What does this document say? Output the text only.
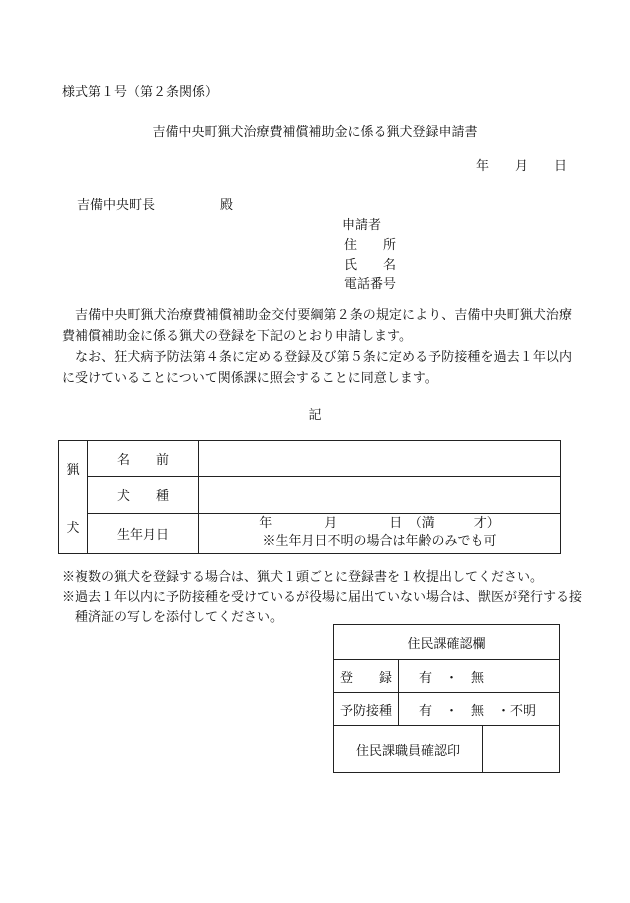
様式第１号（第２条関係）
吉備中央町猟犬治療費補償補助金に係る猟犬登録申請書
年　　月　　日
吉備中央町長　　　　　殿
申請者
住　　所
氏　　名
電話番号

吉備中央町猟犬治療費補償補助金交付要綱第２条の規定により、吉備中央町猟犬治療費補償補助金に係る猟犬の登録を下記のとおり申請します。

なお、狂犬病予防法第４条に定める登録及び第５条に定める予防接種を過去１年以内に受けていることについて関係課に照会することに同意します。

記
猟
犬	名　　前	
	犬　　種	
	生年月日	年　　　　月　　　　日　（満　　　才）
※生年月日不明の場合は年齢のみでも可

※複数の猟犬を登録する場合は、猟犬１頭ごとに登録書を１枚提出してください。

※過去１年以内に予防接種を受けているが役場に届出ていない場合は、獣医が発行する接種済証の写しを添付してください。

住民課確認欄	
登　　録	有　・　無
予防接種	有　・　無　・不明

住民課職員確認印	
